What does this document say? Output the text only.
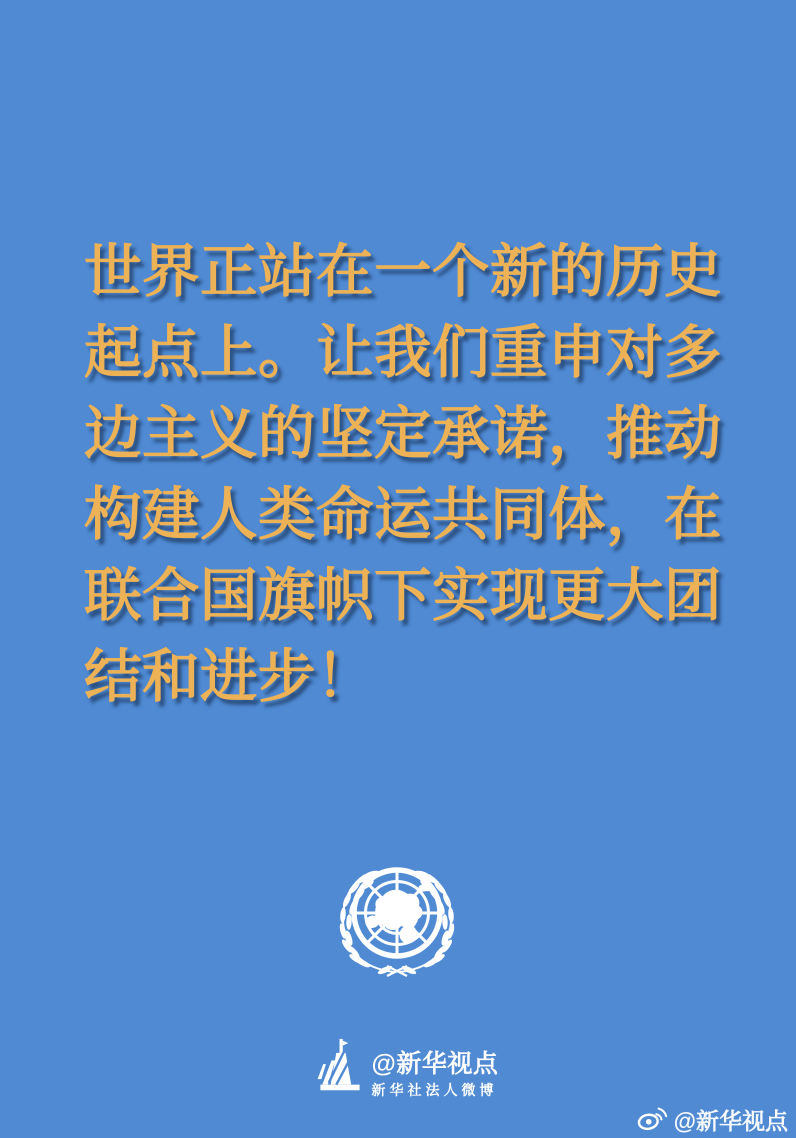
世界正站在一个新的历史
起点上。让我们重申对多
边主义的坚定承诺，推动
构建人类命运共同体，在
联合国旗帜下实现更大团
结和进步！
@新华视点
新华社法人微博
@新华视点
